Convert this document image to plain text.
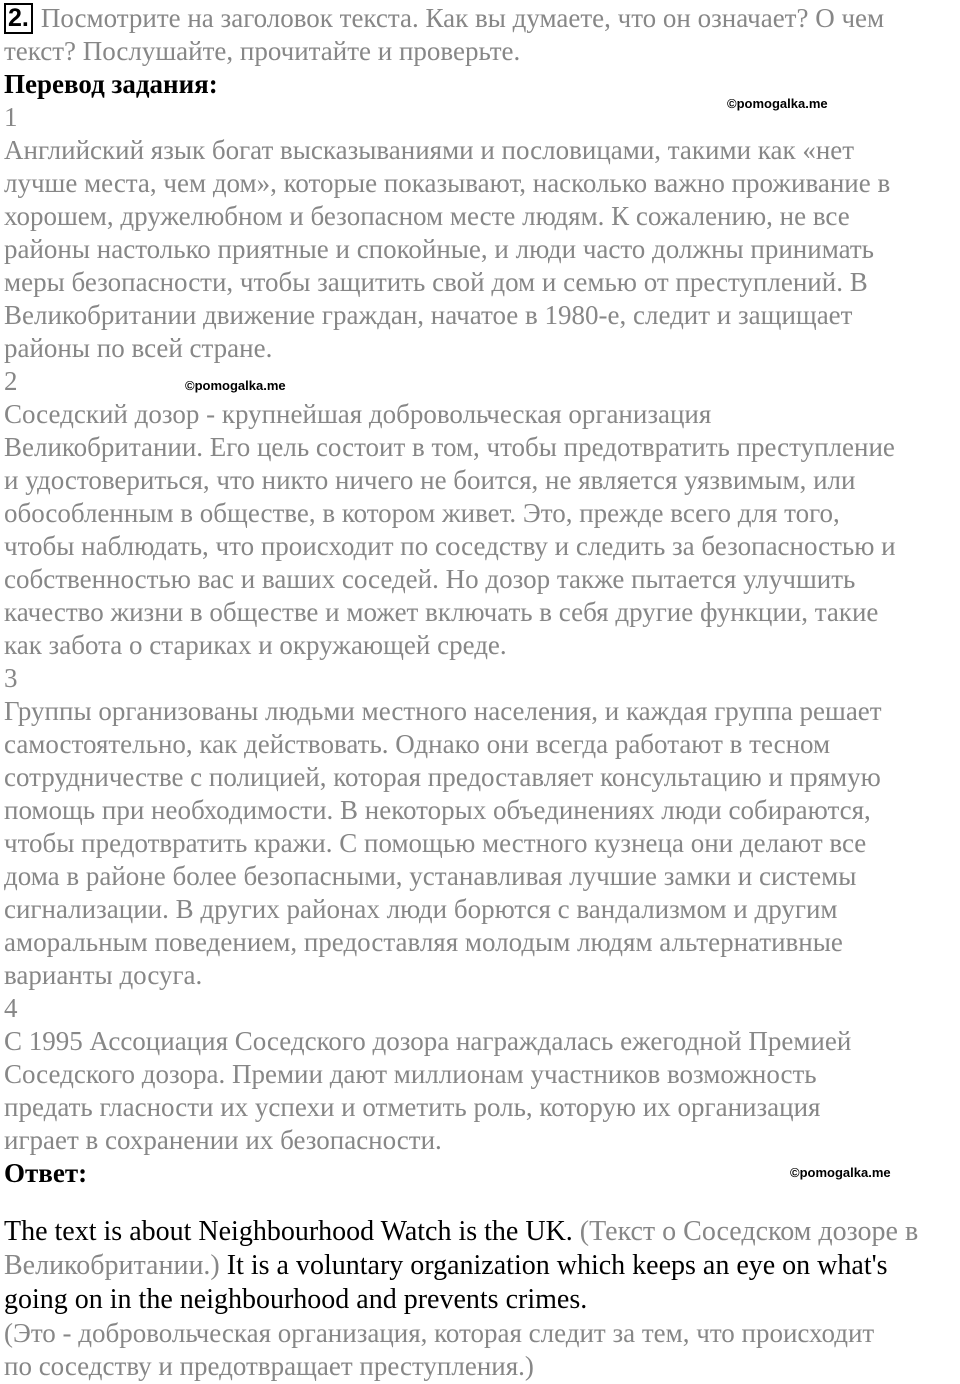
2. Посмотрите на заголовок текста. Как вы думаете, что он означает? О чем
текст? Послушайте, прочитайте и проверьте.
Перевод задания:
1
Английский язык богат высказываниями и пословицами, такими как «нет
лучше места, чем дом», которые показывают, насколько важно проживание в
хорошем, дружелюбном и безопасном месте людям. К сожалению, не все
районы настолько приятные и спокойные, и люди часто должны принимать
меры безопасности, чтобы защитить свой дом и семью от преступлений. В
Великобритании движение граждан, начатое в 1980-е, следит и защищает
районы по всей стране.
2
Соседский дозор - крупнейшая добровольческая организация
Великобритании. Его цель состоит в том, чтобы предотвратить преступление
и удостовериться, что никто ничего не боится, не является уязвимым, или
обособленным в обществе, в котором живет. Это, прежде всего для того,
чтобы наблюдать, что происходит по соседству и следить за безопасностью и
собственностью вас и ваших соседей. Но дозор также пытается улучшить
качество жизни в обществе и может включать в себя другие функции, такие
как забота о стариках и окружающей среде.
3
Группы организованы людьми местного населения, и каждая группа решает
самостоятельно, как действовать. Однако они всегда работают в тесном
сотрудничестве с полицией, которая предоставляет консультацию и прямую
помощь при необходимости. В некоторых объединениях люди собираются,
чтобы предотвратить кражи. С помощью местного кузнеца они делают все
дома в районе более безопасными, устанавливая лучшие замки и системы
сигнализации. В других районах люди борются с вандализмом и другим
аморальным поведением, предоставляя молодым людям альтернативные
варианты досуга.
4
С 1995 Ассоциация Соседского дозора награждалась ежегодной Премией
Соседского дозора. Премии дают миллионам участников возможность
предать гласности их успехи и отметить роль, которую их организация
играет в сохранении их безопасности.
Ответ:
The text is about Neighbourhood Watch is the UK. (Текст о Соседском дозоре в
Великобритании.) It is a voluntary organization which keeps an eye on what's
going on in the neighbourhood and prevents crimes.
(Это - добровольческая организация, которая следит за тем, что происходит
по соседству и предотвращает преступления.)
©pomogalka.me
©pomogalka.me
©pomogalka.me
